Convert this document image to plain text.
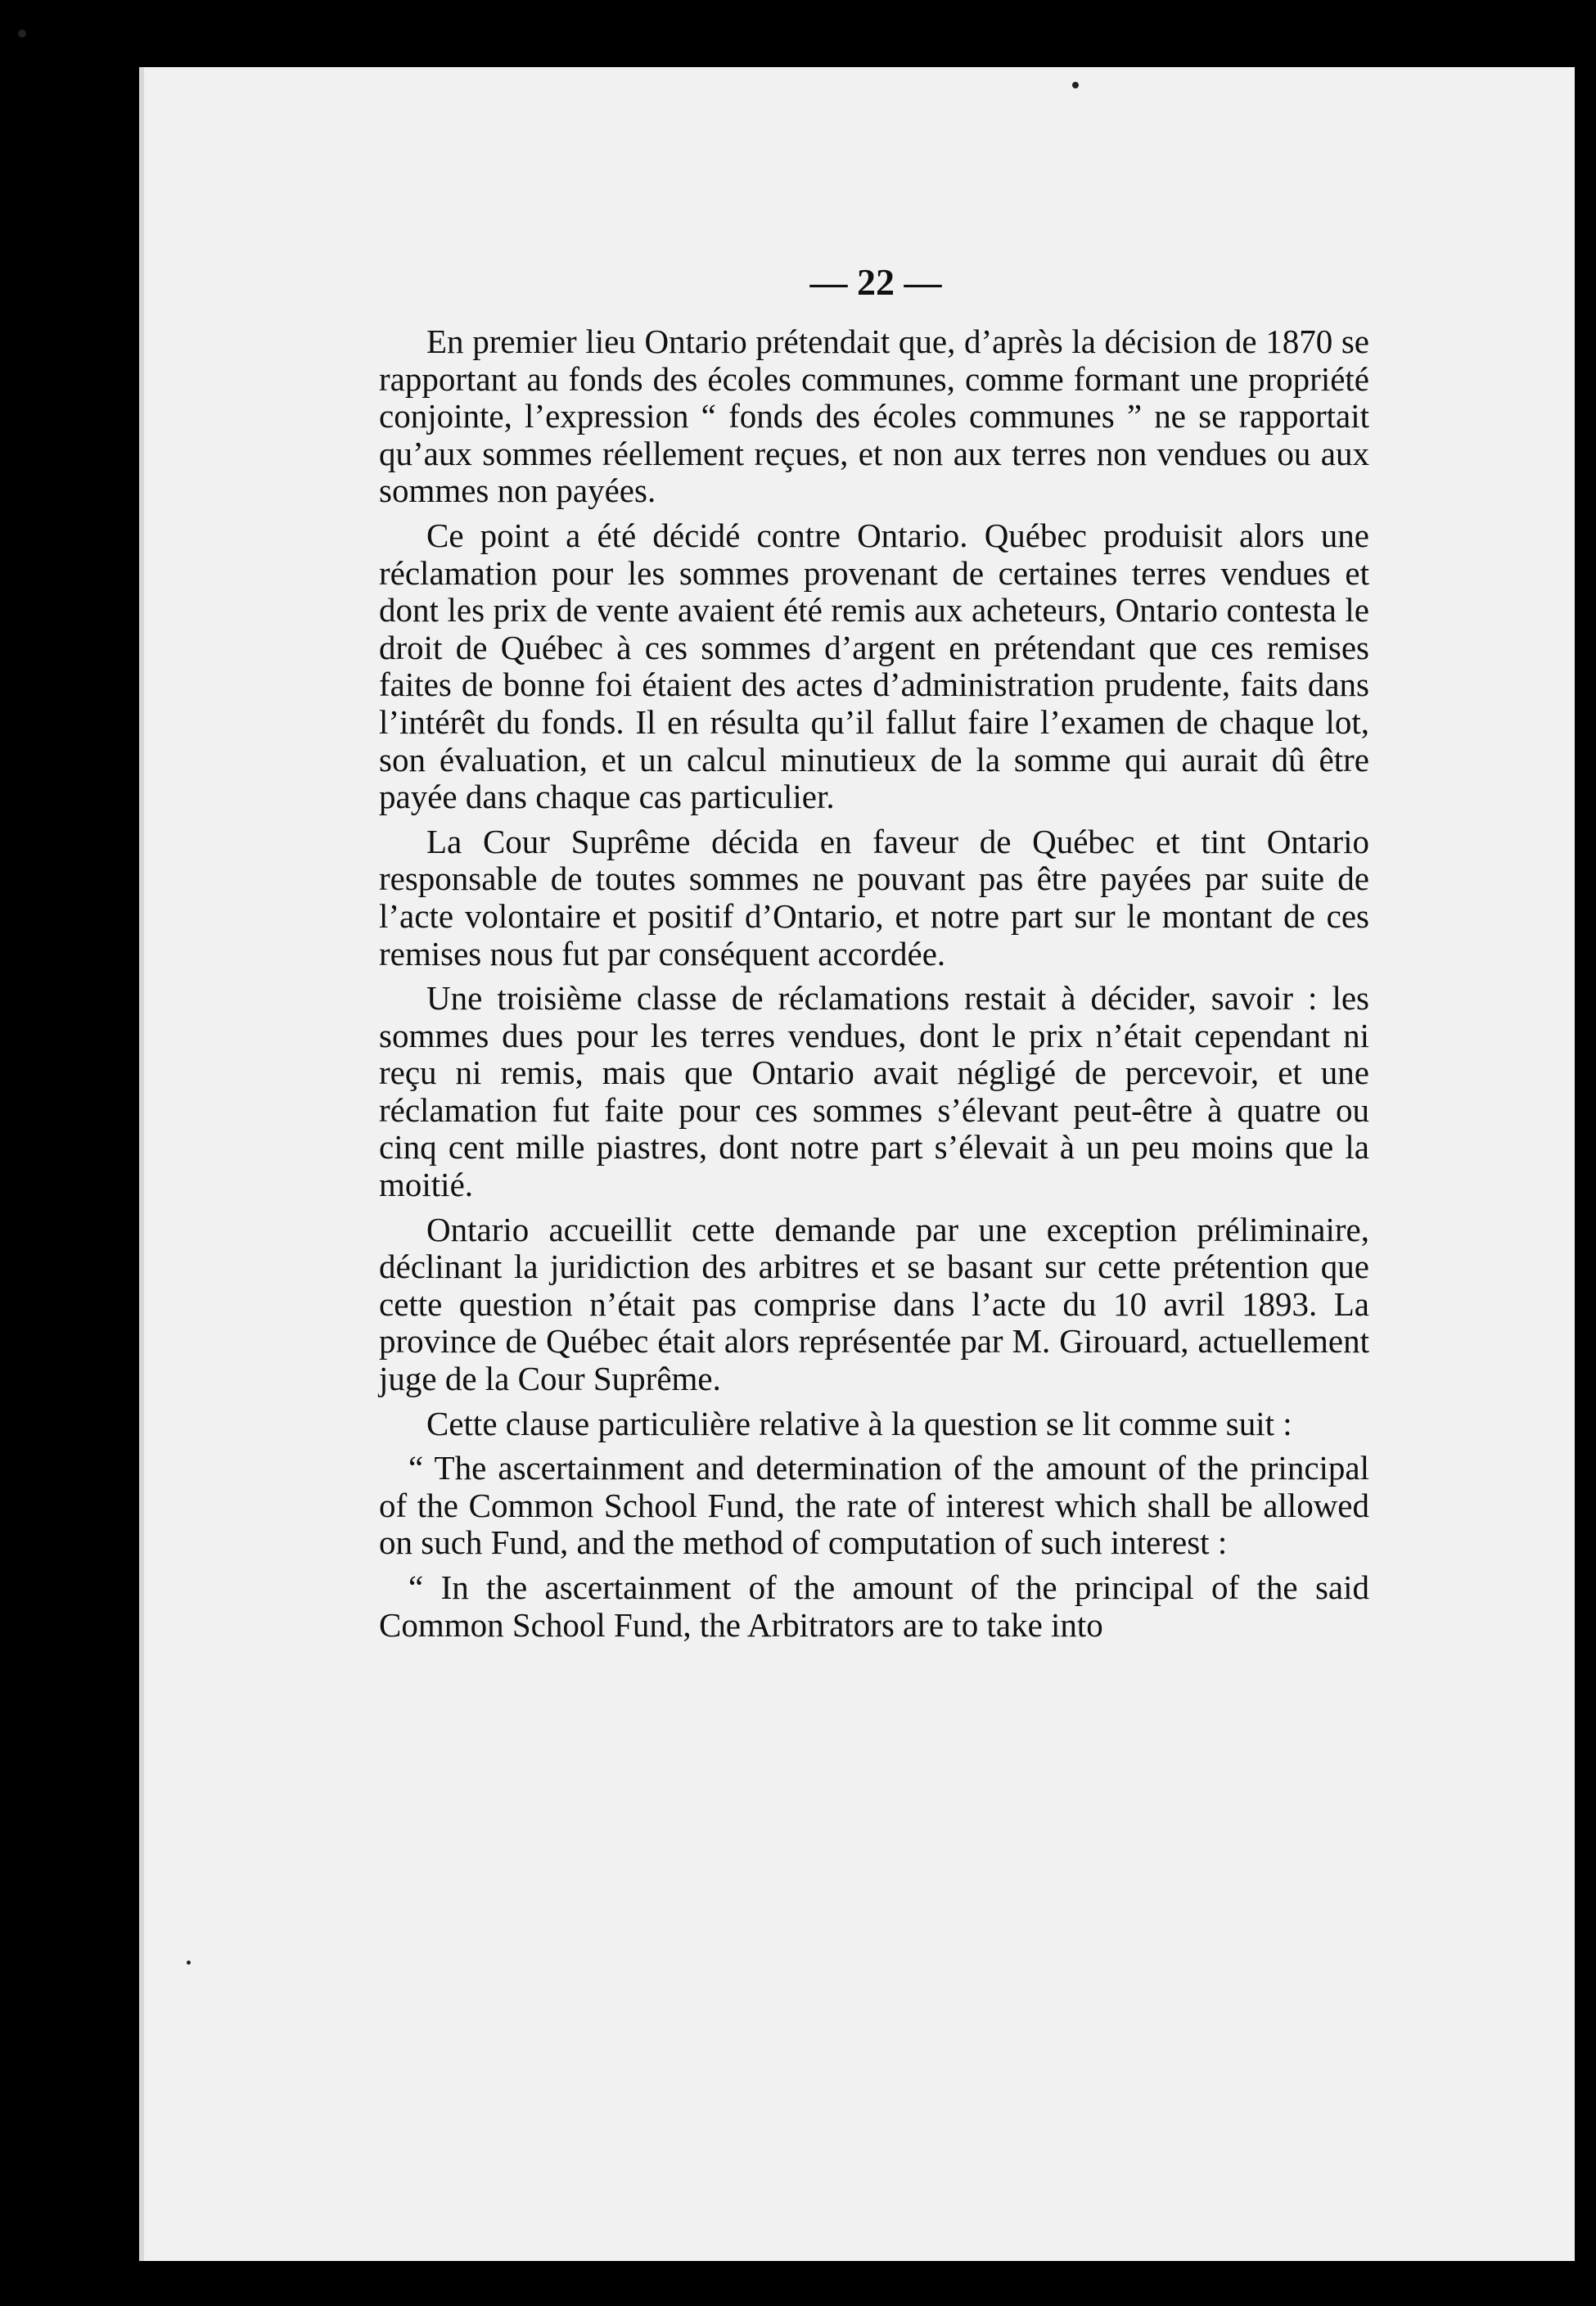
— 22 —

En premier lieu Ontario prétendait que, d’après la décision de 1870 se rapportant au fonds des écoles communes, comme formant une propriété conjointe, l’expression “ fonds des écoles communes ” ne se rapportait qu’aux sommes réellement reçues, et non aux terres non vendues ou aux sommes non payées.

Ce point a été décidé contre Ontario. Québec produisit alors une réclamation pour les sommes provenant de certaines terres vendues et dont les prix de vente avaient été remis aux acheteurs, Ontario contesta le droit de Québec à ces sommes d’argent en prétendant que ces remises faites de bonne foi étaient des actes d’administration prudente, faits dans l’intérêt du fonds. Il en résulta qu’il fallut faire l’examen de chaque lot, son évaluation, et un calcul minutieux de la somme qui aurait dû être payée dans chaque cas particulier.

La Cour Suprême décida en faveur de Québec et tint Ontario responsable de toutes sommes ne pouvant pas être payées par suite de l’acte volontaire et positif d’Ontario, et notre part sur le montant de ces remises nous fut par conséquent accordée.

Une troisième classe de réclamations restait à décider, savoir : les sommes dues pour les terres vendues, dont le prix n’était cependant ni reçu ni remis, mais que Ontario avait négligé de percevoir, et une réclamation fut faite pour ces sommes s’élevant peut-être à quatre ou cinq cent mille piastres, dont notre part s’élevait à un peu moins que la moitié.

Ontario accueillit cette demande par une exception préliminaire, déclinant la juridiction des arbitres et se basant sur cette prétention que cette question n’était pas comprise dans l’acte du 10 avril 1893. La province de Québec était alors représentée par M. Girouard, actuellement juge de la Cour Suprême.

Cette clause particulière relative à la question se lit comme suit :

“ The ascertainment and determination of the amount of the principal of the Common School Fund, the rate of interest which shall be allowed on such Fund, and the method of computation of such interest :

“ In the ascertainment of the amount of the principal of the said Common School Fund, the Arbitrators are to take into
